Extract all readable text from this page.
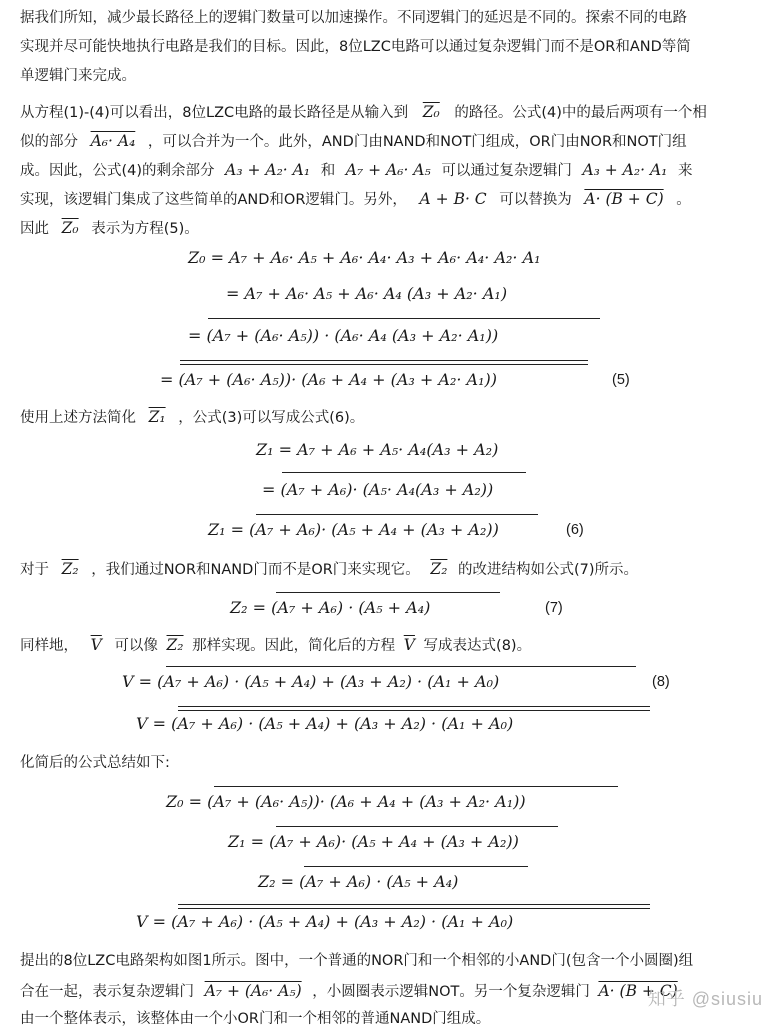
据我们所知，减少最长路径上的逻辑门数量可以加速操作。不同逻辑门的延迟是不同的。探索不同的电路
实现并尽可能快地执行电路是我们的目标。因此，8位LZC电路可以通过复杂逻辑门而不是OR和AND等简
单逻辑门来完成。
从方程(1)-(4)可以看出，8位LZC电路的最长路径是从输入到 Z₀ 的路径。公式(4)中的最后两项有一个相
似的部分 A₆· A₄ ，可以合并为一个。此外，AND门由NAND和NOT门组成，OR门由NOR和NOT门组
成。因此，公式(4)的剩余部分 A₃ + A₂· A₁ 和 A₇ + A₆· A₅ 可以通过复杂逻辑门 A₃ + A₂· A₁ 来
实现，该逻辑门集成了这些简单的AND和OR逻辑门。另外， A + B· C 可以替换为 A· (B + C) 。
因此 Z₀ 表示为方程(5)。
Z₀ = A₇ + A₆· A₅ + A₆· A₄· A₃ + A₆· A₄· A₂· A₁
= A₇ + A₆· A₅ + A₆· A₄ (A₃ + A₂· A₁)
= (A₇ + (A₆· A₅)) · (A₆· A₄ (A₃ + A₂· A₁))
= (A₇ + (A₆· A₅))· (A₆ + A₄ + (A₃ + A₂· A₁))	(5)
使用上述方法简化 Z₁ ，公式(3)可以写成公式(6)。
Z₁ = A₇ + A₆ + A₅· A₄(A₃ + A₂)
= (A₇ + A₆)· (A₅· A₄(A₃ + A₂))
Z₁ = (A₇ + A₆)· (A₅ + A₄ + (A₃ + A₂))	(6)
对于 Z₂ ，我们通过NOR和NAND门而不是OR门来实现它。 Z₂ 的改进结构如公式(7)所示。
Z₂ = (A₇ + A₆) · (A₅ + A₄)	(7)
同样地， $\overline{V}$ 可以像 Z₂ 那样实现。因此，简化后的方程 $\overline{V}$ 写成表达式(8)。
V = (A₇ + A₆) · (A₅ + A₄) + (A₃ + A₂) · (A₁ + A₀)	(8)
V = (A₇ + A₆) · (A₅ + A₄) + (A₃ + A₂) · (A₁ + A₀)
化简后的公式总结如下:
Z₀ = (A₇ + (A₆· A₅))· (A₆ + A₄ + (A₃ + A₂· A₁))
Z₁ = (A₇ + A₆)· (A₅ + A₄ + (A₃ + A₂))
Z₂ = (A₇ + A₆) · (A₅ + A₄)
V = (A₇ + A₆) · (A₅ + A₄) + (A₃ + A₂) · (A₁ + A₀)
提出的8位LZC电路架构如图1所示。图中，一个普通的NOR门和一个相邻的小AND门(包含一个小圆圈)组
合在一起，表示复杂逻辑门 A₇ + (A₆· A₅) ，小圆圈表示逻辑NOT。另一个复杂逻辑门 A· (B + C)
由一个整体表示，该整体由一个小OR门和一个相邻的普通NAND门组成。
知乎 @siusiu
